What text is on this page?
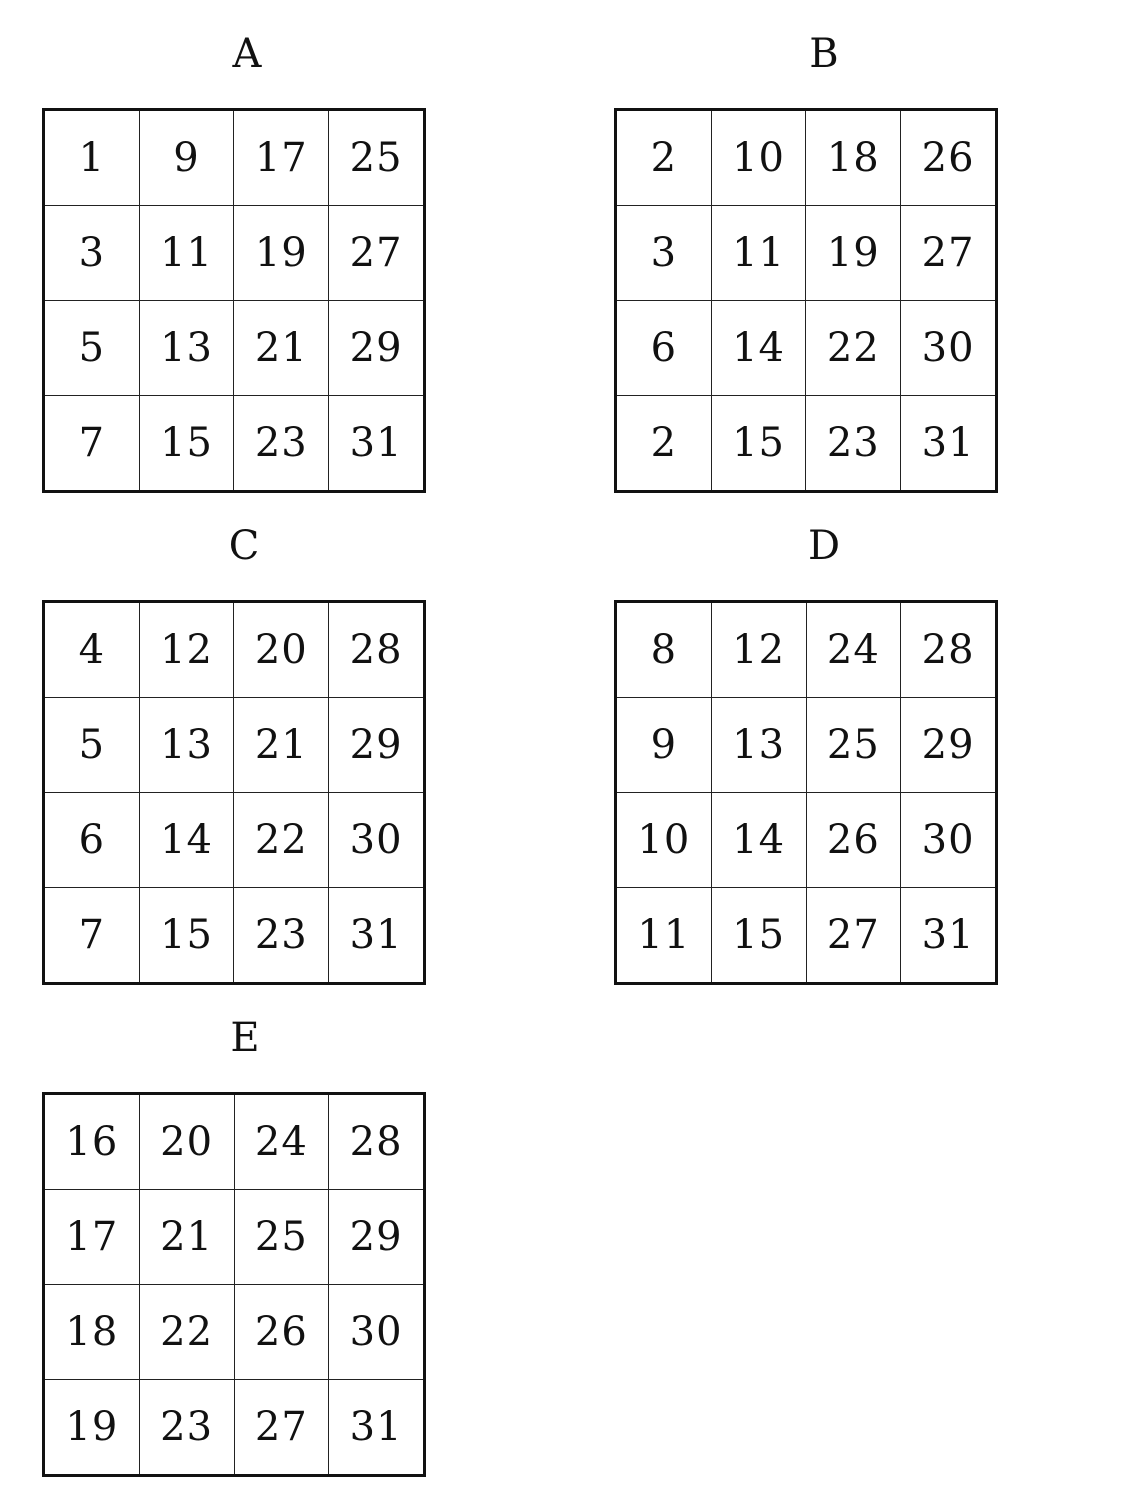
A
1	9	17	25
3	11	19	27
5	13	21	29
7	15	23	31
B
2	10	18	26
3	11	19	27
6	14	22	30
2	15	23	31
C
4	12	20	28
5	13	21	29
6	14	22	30
7	15	23	31
D
8	12	24	28
9	13	25	29
10	14	26	30
11	15	27	31
E
16	20	24	28
17	21	25	29
18	22	26	30
19	23	27	31
